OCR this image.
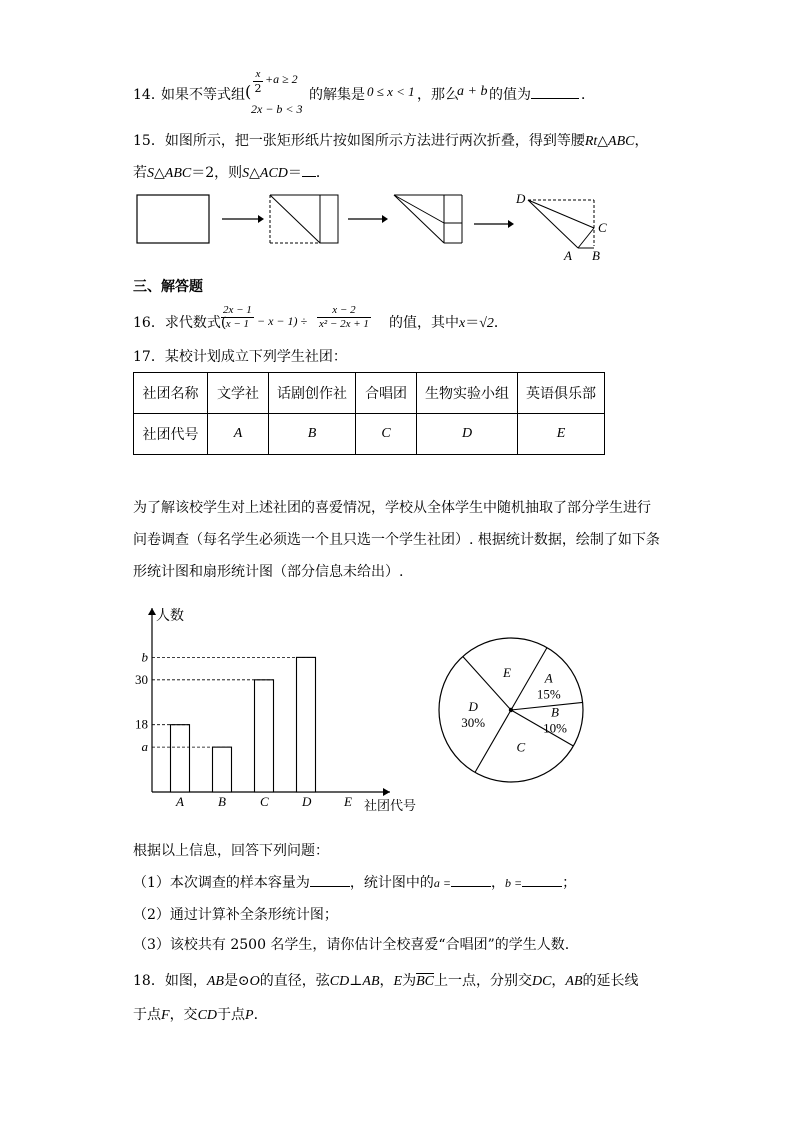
14．
如果不等式组 (
x
2
+a ≥ 2
2x − b < 3
的解集是 0 ≤ x < 1 ，那么
a + b 的值为	．
15．如图所示，把一张矩形纸片按如图所示方法进行两次折叠，得到等腰Rt△ABC，
若S△ABC＝2，则S△ACD＝ ．
D
C
A B
三、解答题
16．求代数式(
$\frac{2x - 1}{x - 1} - x - 1) \div \frac{x - 2}{\text{x² − 2x + 1}}$ 的值，其中x＝√2．
17．某校计划成立下列学生社团：
社团名称	文学社	话剧创作社	合唱团	生物实验小组	英语俱乐部
社团代号	A	B	C	D	E
为了解该校学生对上述社团的喜爱情况，学校从全体学生中随机抽取了部分学生进行
问卷调查（每名学生必须选一个且只选一个学生社团）. 根据统计数据，绘制了如下条
形统计图和扇形统计图（部分信息未给出）.
人数
社团代号
A	B	C	D	E
b
30
18
a
A
15%
B
10%
C
D
30%
E
根据以上信息，回答下列问题：
（1）本次调查的样本容量为	，统计图中的a =	，b =	；
（2）通过计算补全条形统计图；
（3）该校共有 2500 名学生，请你估计全校喜爱“合唱团”的学生人数.
18．如图，AB是⊙O的直径，弦CD⊥AB，E为$\overline{BC}$上一点，分别交DC，AB的延长线
于点F，交CD于点P.
